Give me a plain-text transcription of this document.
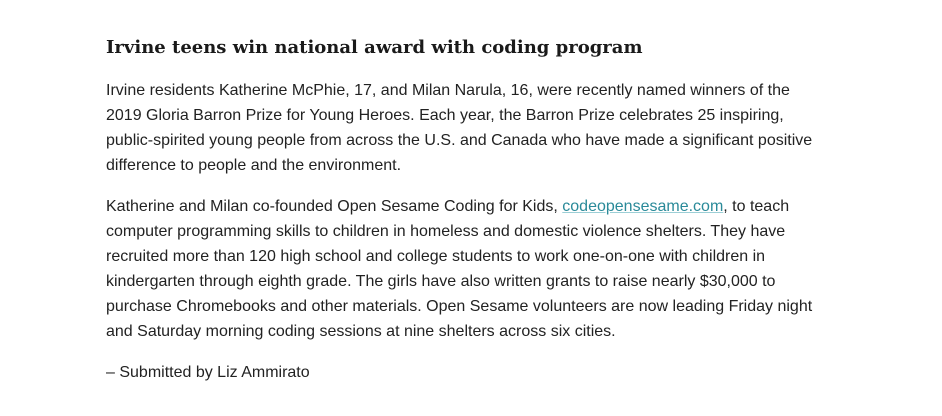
Irvine teens win national award with coding program

Irvine residents Katherine McPhie, 17, and Milan Narula, 16, were recently named winners of the 2019 Gloria Barron Prize for Young Heroes. Each year, the Barron Prize celebrates 25 inspiring, public-spirited young people from across the U.S. and Canada who have made a significant positive difference to people and the environment.

Katherine and Milan co-founded Open Sesame Coding for Kids, codeopensesame.com, to teach computer programming skills to children in homeless and domestic violence shelters. They have recruited more than 120 high school and college students to work one-on-one with children in kindergarten through eighth grade. The girls have also written grants to raise nearly $30,000 to purchase Chromebooks and other materials. Open Sesame volunteers are now leading Friday night and Saturday morning coding sessions at nine shelters across six cities.

– Submitted by Liz Ammirato
